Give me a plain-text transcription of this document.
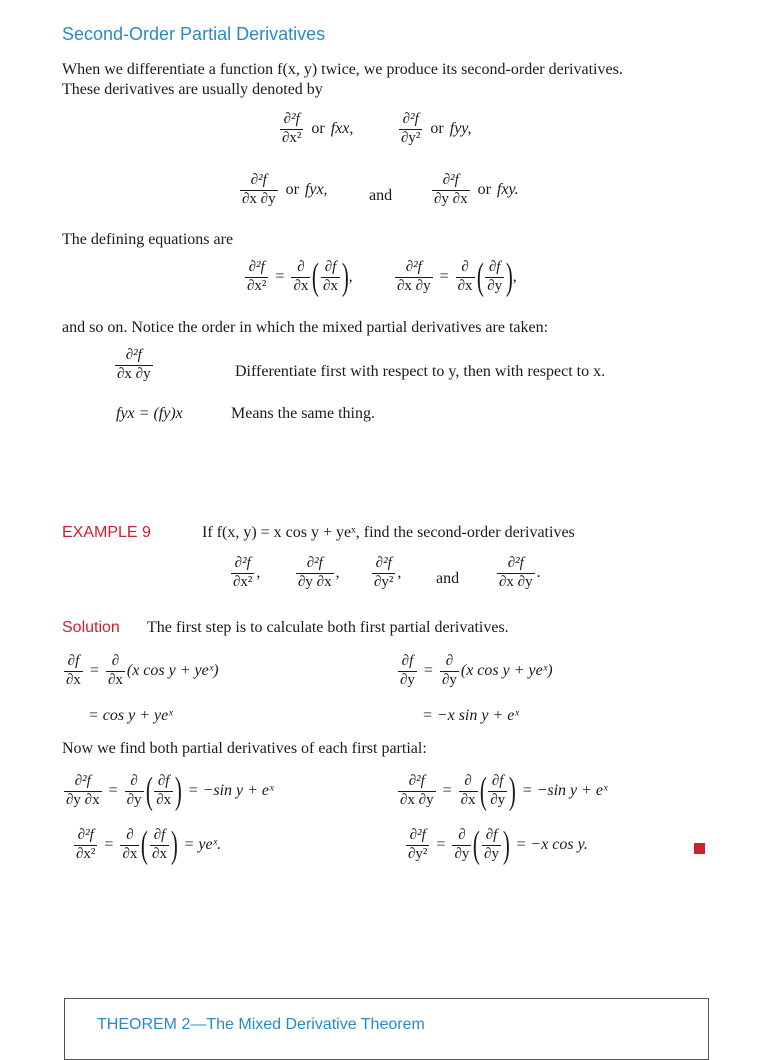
Second-Order Partial Derivatives
When we differentiate a function f(x, y) twice, we produce its second-order derivatives.
These derivatives are usually denoted by
$\frac{\text{∂²f}}{\text{∂x²}}$ or fxx,	$\frac{\text{∂²f}}{\text{∂y²}}$ or fyy,
$\frac{\text{∂²f}}{\partial x \partial y}$ or fyx,	and	$\frac{\text{∂²f}}{\partial y \partial x}$ or fxy.
The defining equations are
$\frac{\text{∂²f}}{\text{∂x²}} = \frac{\partial}{\partial x}$ ( $\frac{\partial f}{\partial x}$ ) ,	$\frac{\text{∂²f}}{\partial x \partial y} = \frac{\partial}{\partial x}$ ( $\frac{\partial f}{\partial y}$ ) ,
and so on. Notice the order in which the mixed partial derivatives are taken:
$\frac{\text{∂²f}}{\partial x \partial y}$	Differentiate first with respect to y, then with respect to x.
fyx = (fy)x	Means the same thing.
EXAMPLE 9	If f(x, y) = x cos y + yeˣ, find the second-order derivatives
$\frac{\text{∂²f}}{\text{∂x²}}$ , $\frac{\text{∂²f}}{\partial y \partial x}$ , $\frac{\text{∂²f}}{\text{∂y²}}$ , and	$\frac{\text{∂²f}}{\partial x \partial y}$ .
Solution The first step is to calculate both first partial derivatives.
$\frac{\partial f}{\partial x} = \frac{\partial}{\partial x} (x$ cos y + yeˣ)
= cos y + yeˣ
$\frac{\partial f}{\partial y} = \frac{\partial}{\partial y} (x$ cos y + yeˣ)
= −x sin y + eˣ
Now we find both partial derivatives of each first partial:
$\frac{\text{∂²f}}{\partial y \partial x} = \frac{\partial}{\partial y}$ ( $\frac{\partial f}{\partial x}$ ) = −sin y + eˣ	$\frac{\text{∂²f}}{\partial x \partial y} = \frac{\partial}{\partial x}$ ( $\frac{\partial f}{\partial y}$ ) = −sin y + eˣ
$\frac{\text{∂²f}}{\text{∂x²}} = \frac{\partial}{\partial x}$ ( $\frac{\partial f}{\partial x}$ ) = yeˣ.	$\frac{\text{∂²f}}{\text{∂y²}} = \frac{\partial}{\partial y}$ ( $\frac{\partial f}{\partial y}$ ) = −x cos y.
THEOREM 2—The Mixed Derivative Theorem
